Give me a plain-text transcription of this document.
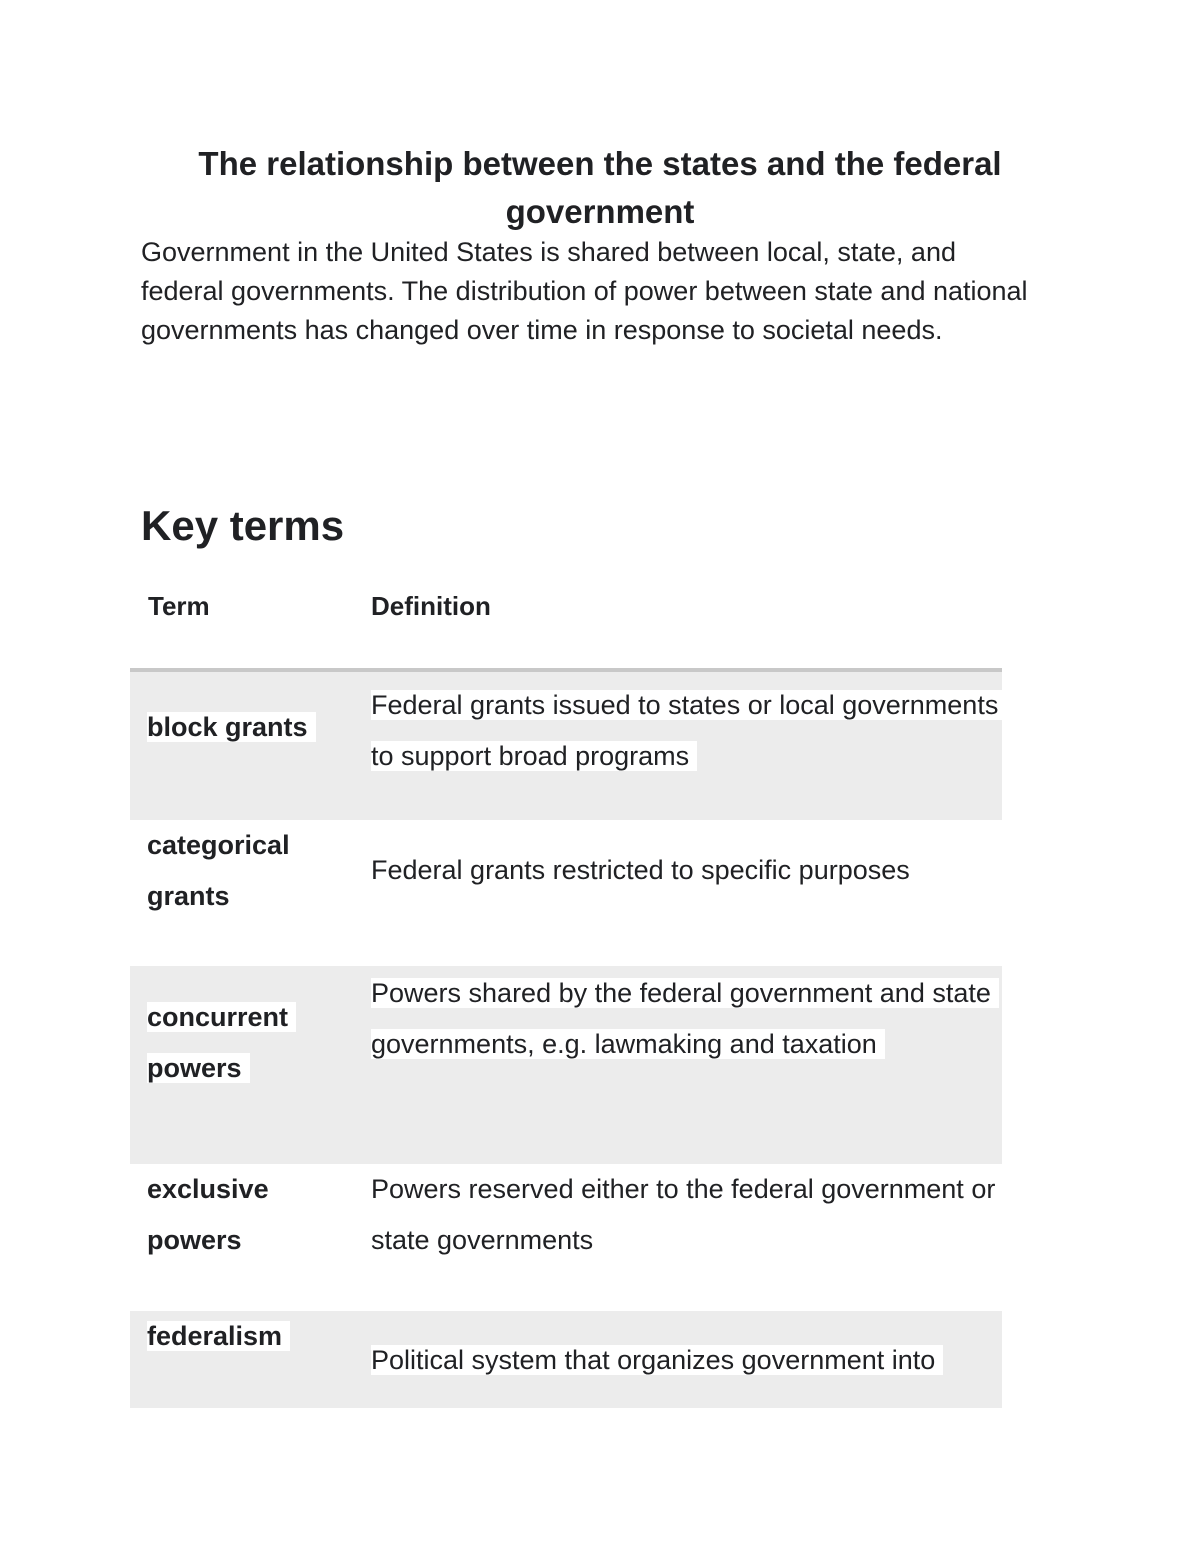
The relationship between the states and the federal government

Government in the United States is shared between local, state, and federal governments. The distribution of power between state and national governments has changed over time in response to societal needs.

Key terms
Term	Definition
block grants
Federal grants issued to states or local governments to support broad programs
categorical grants
Federal grants restricted to specific purposes
concurrent powers
Powers shared by the federal government and state governments, e.g. lawmaking and taxation
exclusive powers
Powers reserved either to the federal government or state governments
federalism
Political system that organizes government into
